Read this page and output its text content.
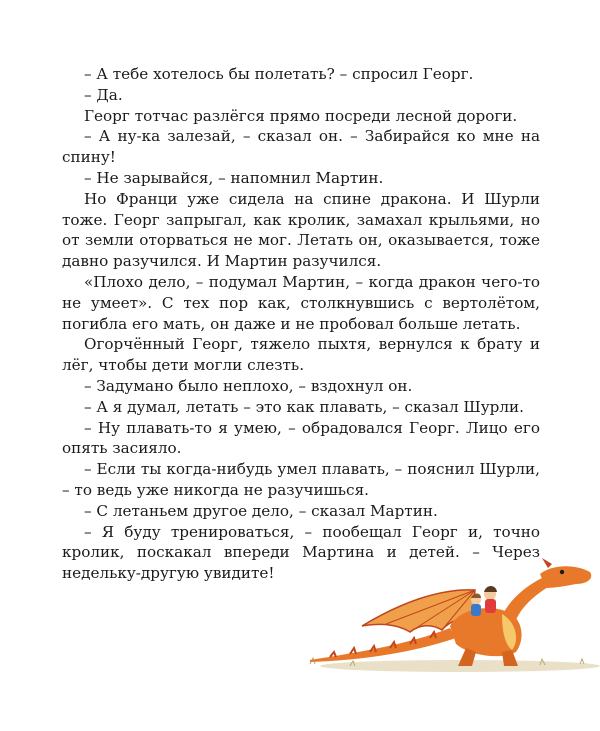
– А тебе хотелось бы полетать? – спросил Георг.

– Да.

Георг тотчас разлёгся прямо посреди лесной дороги.

– А ну-ка залезай, – сказал он. – Забирайся ко мне на спину!

– Не зарывайся, – напомнил Мартин.

Но Франци уже сидела на спине дракона. И Шурли тоже. Георг запрыгал, как кролик, замахал крыльями, но от земли оторваться не мог. Летать он, оказывается, тоже давно разучился. И Мартин разучился.

«Плохо дело, – подумал Мартин, – когда дракон чего-то не умеет». С тех пор как, столкнувшись с вертолётом, погибла его мать, он даже и не пробовал больше летать.

Огорчённый Георг, тяжело пыхтя, вернулся к брату и лёг, чтобы дети могли слезть.

– Задумано было неплохо, – вздохнул он.

– А я думал, летать – это как плавать, – сказал Шурли.

– Ну плавать-то я умею, – обрадовался Георг. Лицо его опять засияло.

– Если ты когда-нибудь умел плавать, – пояснил Шурли, – то ведь уже никогда не разучишься.

– С летаньем другое дело, – сказал Мартин.

– Я буду тренироваться, – пообещал Георг и, точно кролик, поскакал впереди Мартина и детей. – Через недельку-другую увидите!
